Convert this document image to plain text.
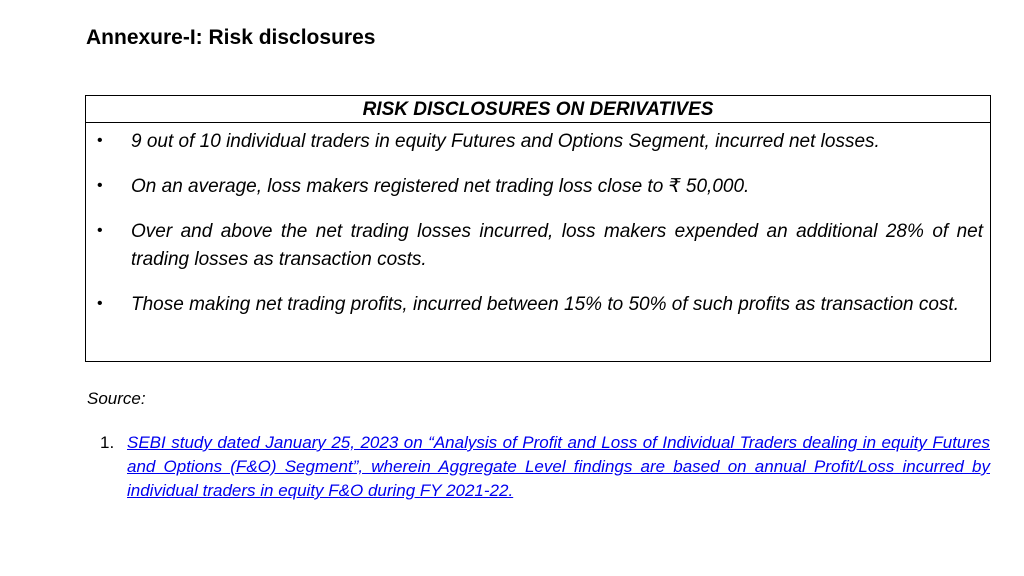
Annexure-I: Risk disclosures
RISK DISCLOSURES ON DERIVATIVES
• 9 out of 10 individual traders in equity Futures and Options Segment, incurred net losses.
• On an average, loss makers registered net trading loss close to ₹ 50,000.
• Over and above the net trading losses incurred, loss makers expended an additional 28% of net trading losses as transaction costs.
• Those making net trading profits, incurred between 15% to 50% of such profits as transaction cost.
Source:
1. SEBI study dated January 25, 2023 on “Analysis of Profit and Loss of Individual Traders dealing in equity Futures and Options (F&O) Segment”, wherein Aggregate Level findings are based on annual Profit/Loss incurred by individual traders in equity F&O during FY 2021-22.
